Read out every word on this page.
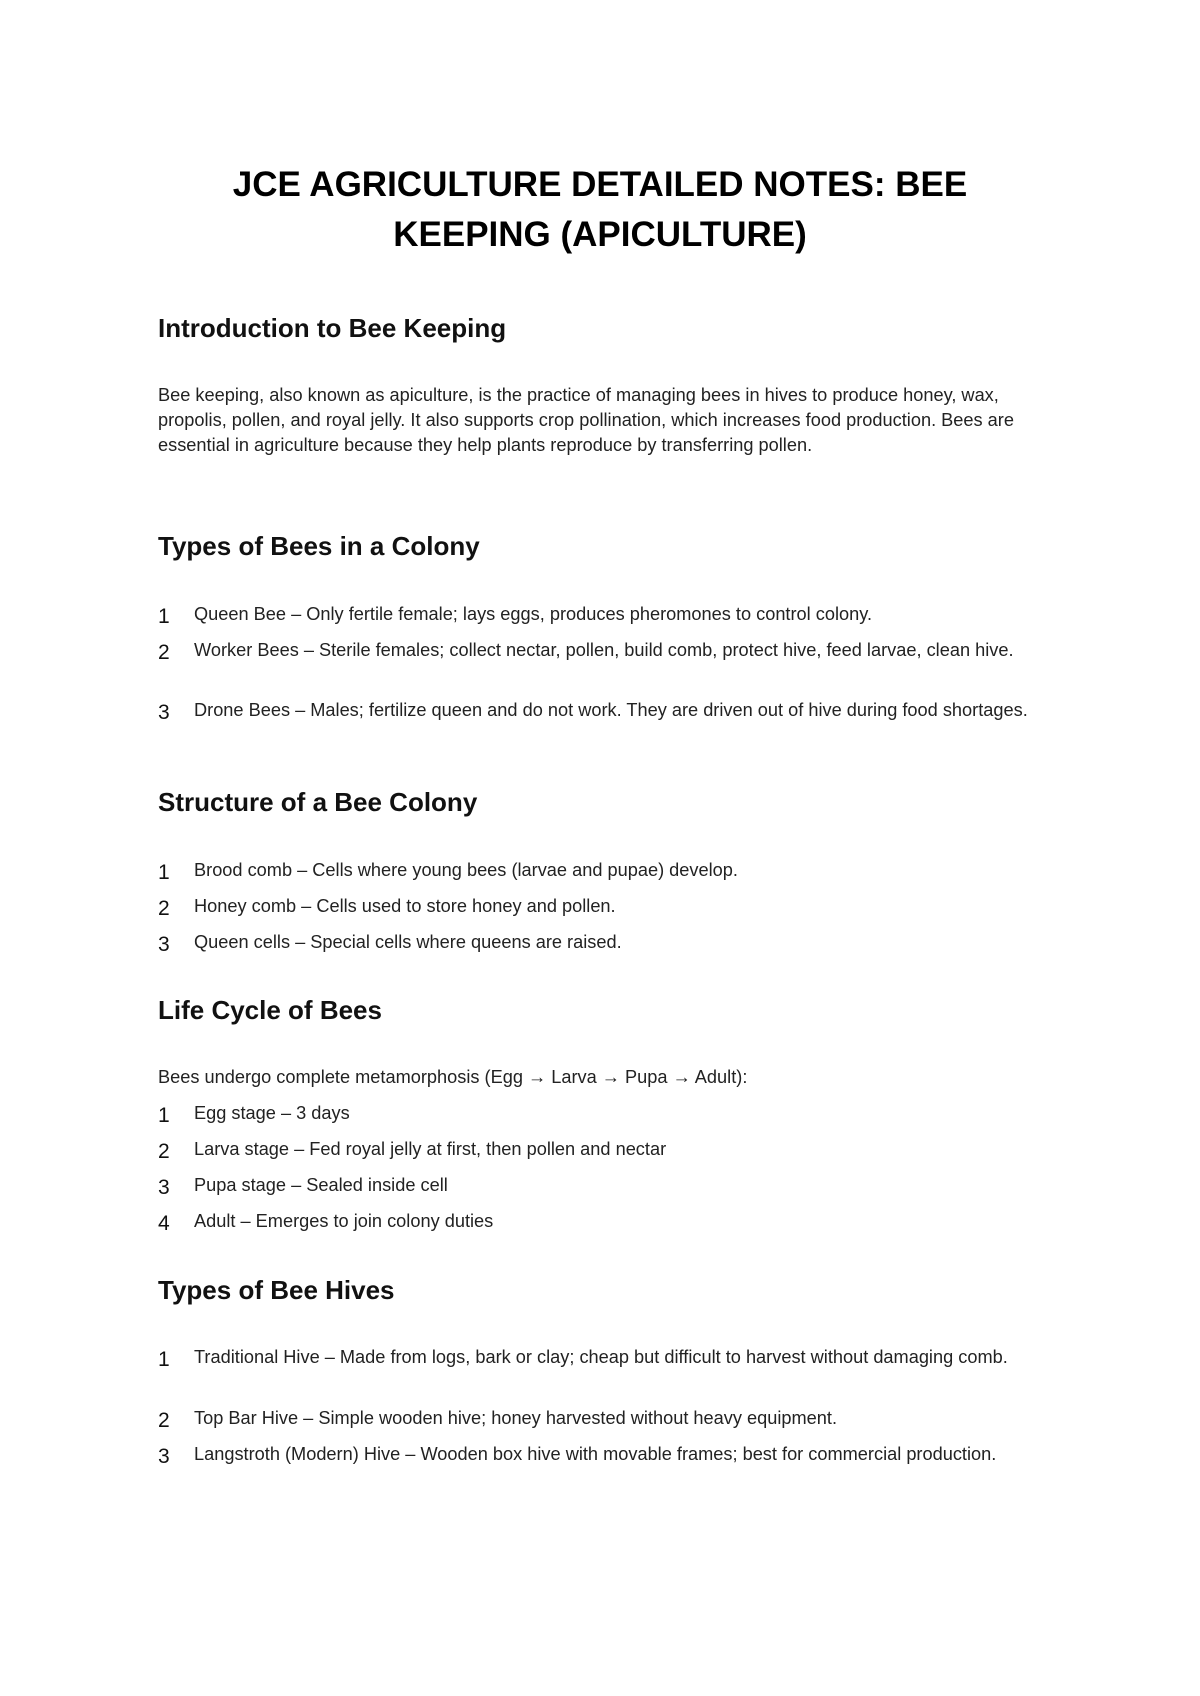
JCE AGRICULTURE DETAILED NOTES: BEE KEEPING (APICULTURE)
Introduction to Bee Keeping

Bee keeping, also known as apiculture, is the practice of managing bees in hives to produce honey, wax, propolis, pollen, and royal jelly. It also supports crop pollination, which increases food production. Bees are essential in agriculture because they help plants reproduce by transferring pollen.

Types of Bees in a Colony
1 Queen Bee – Only fertile female; lays eggs, produces pheromones to control colony.
2 Worker Bees – Sterile females; collect nectar, pollen, build comb, protect hive, feed larvae, clean hive.
3 Drone Bees – Males; fertilize queen and do not work. They are driven out of hive during food shortages.
Structure of a Bee Colony
1 Brood comb – Cells where young bees (larvae and pupae) develop.
2 Honey comb – Cells used to store honey and pollen.
3 Queen cells – Special cells where queens are raised.
Life Cycle of Bees

Bees undergo complete metamorphosis (Egg → Larva → Pupa → Adult):

1 Egg stage – 3 days
2 Larva stage – Fed royal jelly at first, then pollen and nectar
3 Pupa stage – Sealed inside cell
4 Adult – Emerges to join colony duties
Types of Bee Hives
1 Traditional Hive – Made from logs, bark or clay; cheap but difficult to harvest without damaging comb.
2 Top Bar Hive – Simple wooden hive; honey harvested without heavy equipment.
3 Langstroth (Modern) Hive – Wooden box hive with movable frames; best for commercial production.
